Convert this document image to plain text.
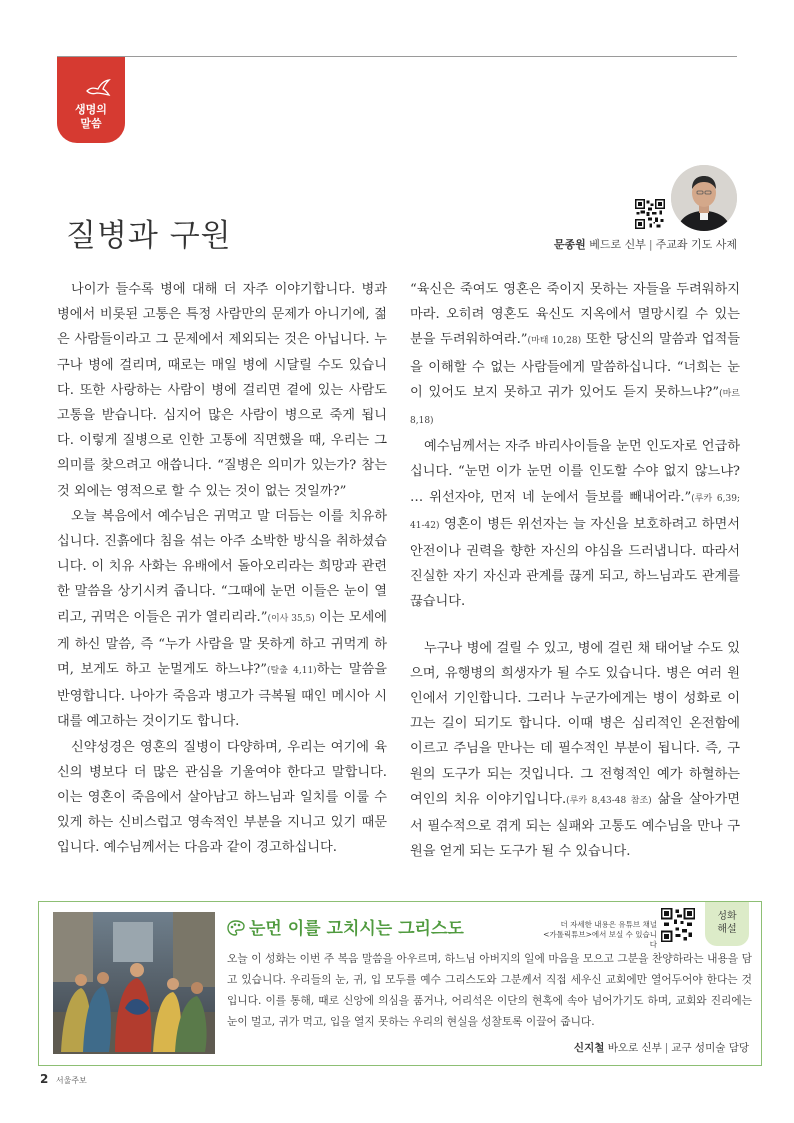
생명의
말씀
질병과 구원	문종원 베드로 신부 | 주교좌 기도 사제

나이가 들수록 병에 대해 더 자주 이야기합니다. 병과 병에서 비롯된 고통은 특정 사람만의 문제가 아니기에, 젊은 사람들이라고 그 문제에서 제외되는 것은 아닙니다. 누구나 병에 걸리며, 때로는 매일 병에 시달릴 수도 있습니다. 또한 사랑하는 사람이 병에 걸리면 곁에 있는 사람도 고통을 받습니다. 심지어 많은 사람이 병으로 죽게 됩니다. 이렇게 질병으로 인한 고통에 직면했을 때, 우리는 그 의미를 찾으려고 애씁니다. “질병은 의미가 있는가? 참는 것 외에는 영적으로 할 수 있는 것이 없는 것일까?”

오늘 복음에서 예수님은 귀먹고 말 더듬는 이를 치유하십니다. 진흙에다 침을 섞는 아주 소박한 방식을 취하셨습니다. 이 치유 사화는 유배에서 돌아오리라는 희망과 관련한 말씀을 상기시켜 줍니다. “그때에 눈먼 이들은 눈이 열리고, 귀먹은 이들은 귀가 열리리라.”(이사 35,5) 이는 모세에게 하신 말씀, 즉 “누가 사람을 말 못하게 하고 귀먹게 하며, 보게도 하고 눈멀게도 하느냐?”(탈출 4,11)하는 말씀을 반영합니다. 나아가 죽음과 병고가 극복될 때인 메시아 시대를 예고하는 것이기도 합니다.

신약성경은 영혼의 질병이 다양하며, 우리는 여기에 육신의 병보다 더 많은 관심을 기울여야 한다고 말합니다. 이는 영혼이 죽음에서 살아남고 하느님과 일치를 이룰 수 있게 하는 신비스럽고 영속적인 부분을 지니고 있기 때문입니다. 예수님께서는 다음과 같이 경고하십니다.

“육신은 죽여도 영혼은 죽이지 못하는 자들을 두려워하지 마라. 오히려 영혼도 육신도 지옥에서 멸망시킬 수 있는 분을 두려워하여라.”(마태 10,28) 또한 당신의 말씀과 업적들을 이해할 수 없는 사람들에게 말씀하십니다. “너희는 눈이 있어도 보지 못하고 귀가 있어도 듣지 못하느냐?”(마르 8,18)

예수님께서는 자주 바리사이들을 눈먼 인도자로 언급하십니다. “눈먼 이가 눈먼 이를 인도할 수야 없지 않느냐? … 위선자야, 먼저 네 눈에서 들보를 빼내어라.”(루카 6,39; 41-42) 영혼이 병든 위선자는 늘 자신을 보호하려고 하면서 안전이나 권력을 향한 자신의 야심을 드러냅니다. 따라서 진실한 자기 자신과 관계를 끊게 되고, 하느님과도 관계를 끊습니다.

누구나 병에 걸릴 수 있고, 병에 걸린 채 태어날 수도 있으며, 유행병의 희생자가 될 수도 있습니다. 병은 여러 원인에서 기인합니다. 그러나 누군가에게는 병이 성화로 이끄는 길이 되기도 합니다. 이때 병은 심리적인 온전함에 이르고 주님을 만나는 데 필수적인 부분이 됩니다. 즉, 구원의 도구가 되는 것입니다. 그 전형적인 예가 하혈하는 여인의 치유 이야기입니다.(루카 8,43-48 참조) 삶을 살아가면서 필수적으로 겪게 되는 실패와 고통도 예수님을 만나 구원을 얻게 되는 도구가 될 수 있습니다.

눈먼 이를 고치시는 그리스도	더 자세한 내용은 유튜브 채널
<가톨릭튜브>에서 보실 수 있습니다
성화
해설
오늘 이 성화는 이번 주 복음 말씀을 아우르며, 하느님 아버지의 일에 마음을 모으고 그분을 찬양하라는 내용을 담고 있습니다. 우리들의 눈, 귀, 입 모두를 예수 그리스도와 그분께서 직접 세우신 교회에만 열어두어야 한다는 것입니다. 이를 통해, 때로 신앙에 의심을 품거나, 어리석은 이단의 현혹에 속아 넘어가기도 하며, 교회와 진리에는 눈이 멀고, 귀가 먹고, 입을 열지 못하는 우리의 현실을 성찰토록 이끌어 줍니다.
신지철 바오로 신부 | 교구 성미술 담당
2 서울주보
